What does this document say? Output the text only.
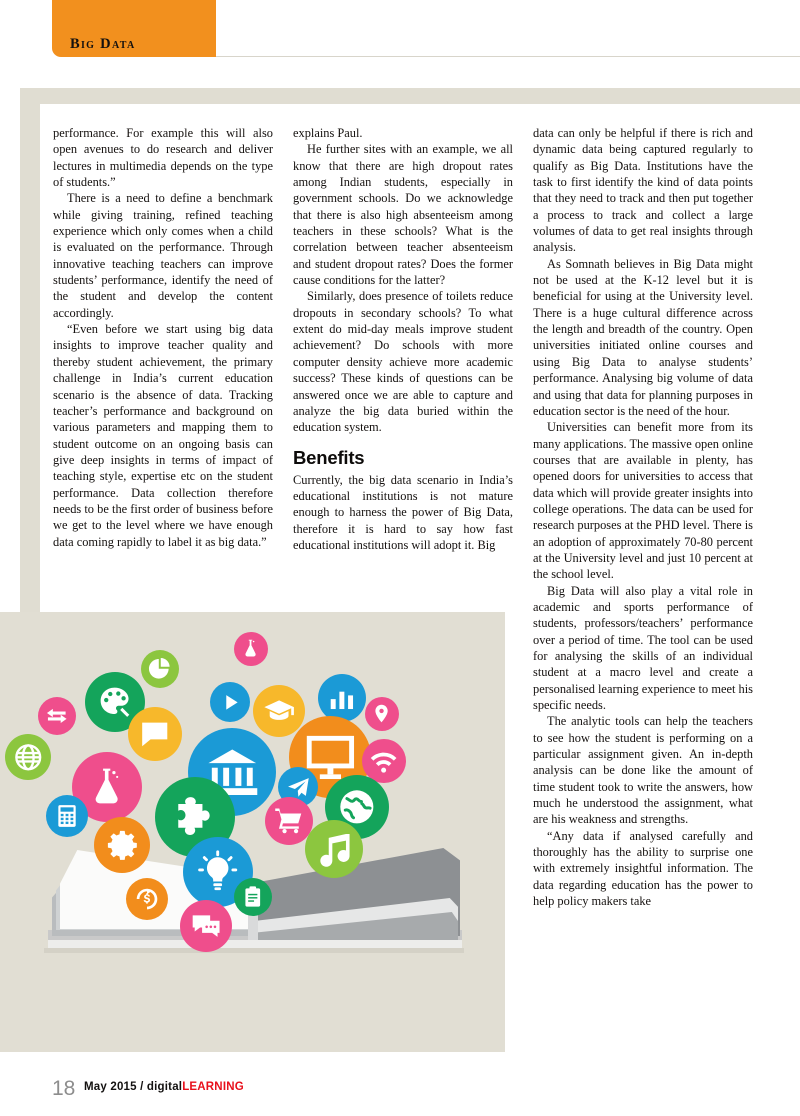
Big Data

performance. For example this will also open avenues to do research and deliver lectures in multimedia depends on the type of students.”

There is a need to define a benchmark while giving training, refined teaching experience which only comes when a child is evaluated on the performance. Through innovative teaching teachers can improve students’ performance, identify the need of the student and develop the content accordingly.

“Even before we start using big data insights to improve teacher quality and thereby student achievement, the primary challenge in India’s current education scenario is the absence of data. Tracking teacher’s performance and background on various parameters and mapping them to student outcome on an ongoing basis can give deep insights in terms of impact of teaching style, expertise etc on the student performance. Data collection therefore needs to be the first order of business before we get to the level where we have enough data coming rapidly to label it as big data.”

explains Paul.

He further sites with an example, we all know that there are high dropout rates among Indian students, especially in government schools. Do we acknowledge that there is also high absenteeism among teachers in these schools? What is the correlation between teacher absenteeism and student dropout rates? Does the former cause conditions for the latter?

Similarly, does presence of toilets reduce dropouts in secondary schools? To what extent do mid-day meals improve student achievement? Do schools with more computer density achieve more academic success? These kinds of questions can be answered once we are able to capture and analyze the big data buried within the education system.

Benefits

Currently, the big data scenario in India’s educational institutions is not mature enough to harness the power of Big Data, therefore it is hard to say how fast educational institutions will adopt it. Big

data can only be helpful if there is rich and dynamic data being captured regularly to qualify as Big Data. Institutions have the task to first identify the kind of data points that they need to track and then put together a process to track and collect a large volumes of data to get real insights through analysis.

As Somnath believes in Big Data might not be used at the K-12 level but it is beneficial for using at the University level. There is a huge cultural difference across the length and breadth of the country. Open universities initiated online courses and using Big Data to analyse students’ performance. Analysing big volume of data and using that data for planning purposes in education sector is the need of the hour.

Universities can benefit more from its many applications. The massive open online courses that are available in plenty, has opened doors for universities to access that data which will provide greater insights into college operations. The data can be used for research purposes at the PHD level. There is an adoption of approximately 70-80 percent at the University level and just 10 percent at the school level.

Big Data will also play a vital role in academic and sports performance of students, professors/teachers’ performance over a period of time. The tool can be used for analysing the skills of an individual student at a macro level and create a personalised learning experience to meet his specific needs.

The analytic tools can help the teachers to see how the student is performing on a particular assignment given. An in-depth analysis can be done like the amount of time student took to write the answers, how much he understood the assignment, what are his weakness and strengths.

“Any data if analysed carefully and thoroughly has the ability to surprise one with extremely insightful information. The data regarding education has the power to help policy makers take

18 May 2015 / digitalLEARNING
